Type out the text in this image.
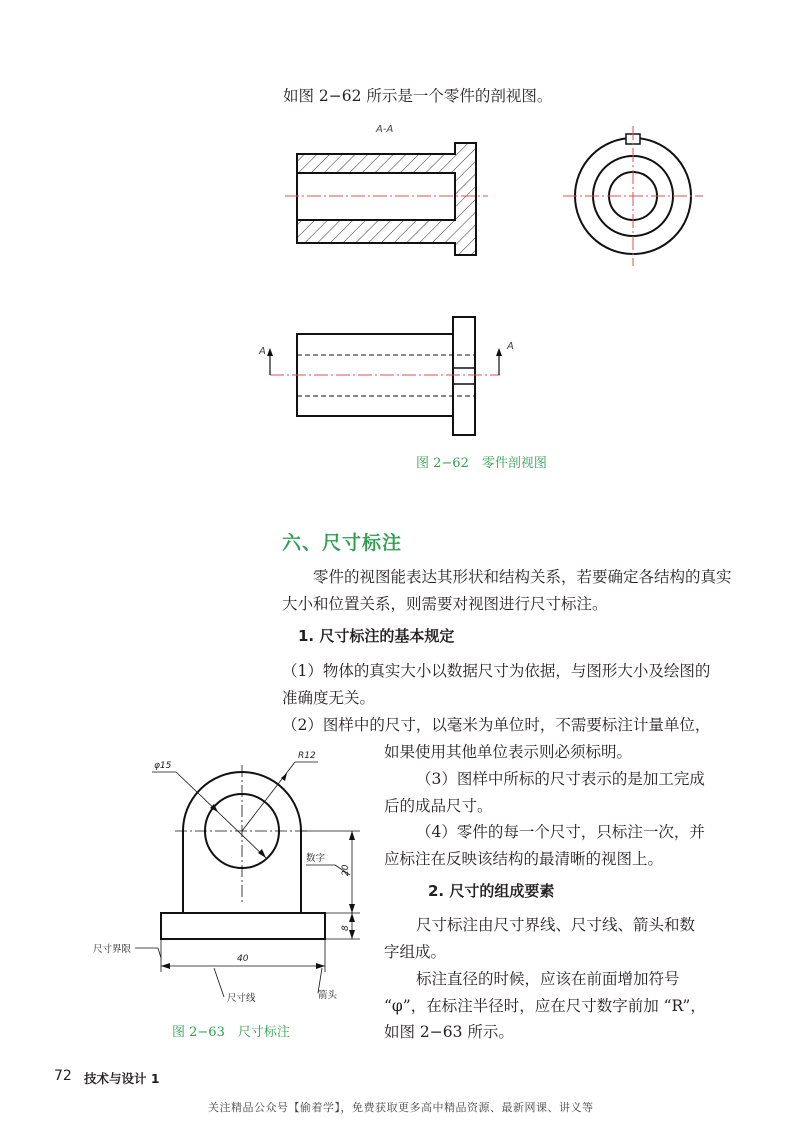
如图 2−62 所示是一个零件的剖视图。
A-A
A	A
图 2−62　零件剖视图
六、尺寸标注
零件的视图能表达其形状和结构关系，若要确定各结构的真实
大小和位置关系，则需要对视图进行尺寸标注。
1. 尺寸标注的基本规定
（1）物体的真实大小以数据尺寸为依据，与图形大小及绘图的
准确度无关。
（2）图样中的尺寸，以毫米为单位时，不需要标注计量单位，
如果使用其他单位表示则必须标明。
（3）图样中所标的尺寸表示的是加工完成
后的成品尺寸。
（4）零件的每一个尺寸，只标注一次，并
应标注在反映该结构的最清晰的视图上。
2. 尺寸的组成要素
尺寸标注由尺寸界线、尺寸线、箭头和数
字组成。
标注直径的时候，应该在前面增加符号
“φ”，在标注半径时，应在尺寸数字前加 “R”，
如图 2−63 所示。
φ15
R12
20
8
40
数字
尺寸界限
尺寸线	箭头
图 2−63　尺寸标注
72 技术与设计 1
关注精品公众号【偷着学】，免费获取更多高中精品资源、最新网课、讲义等
